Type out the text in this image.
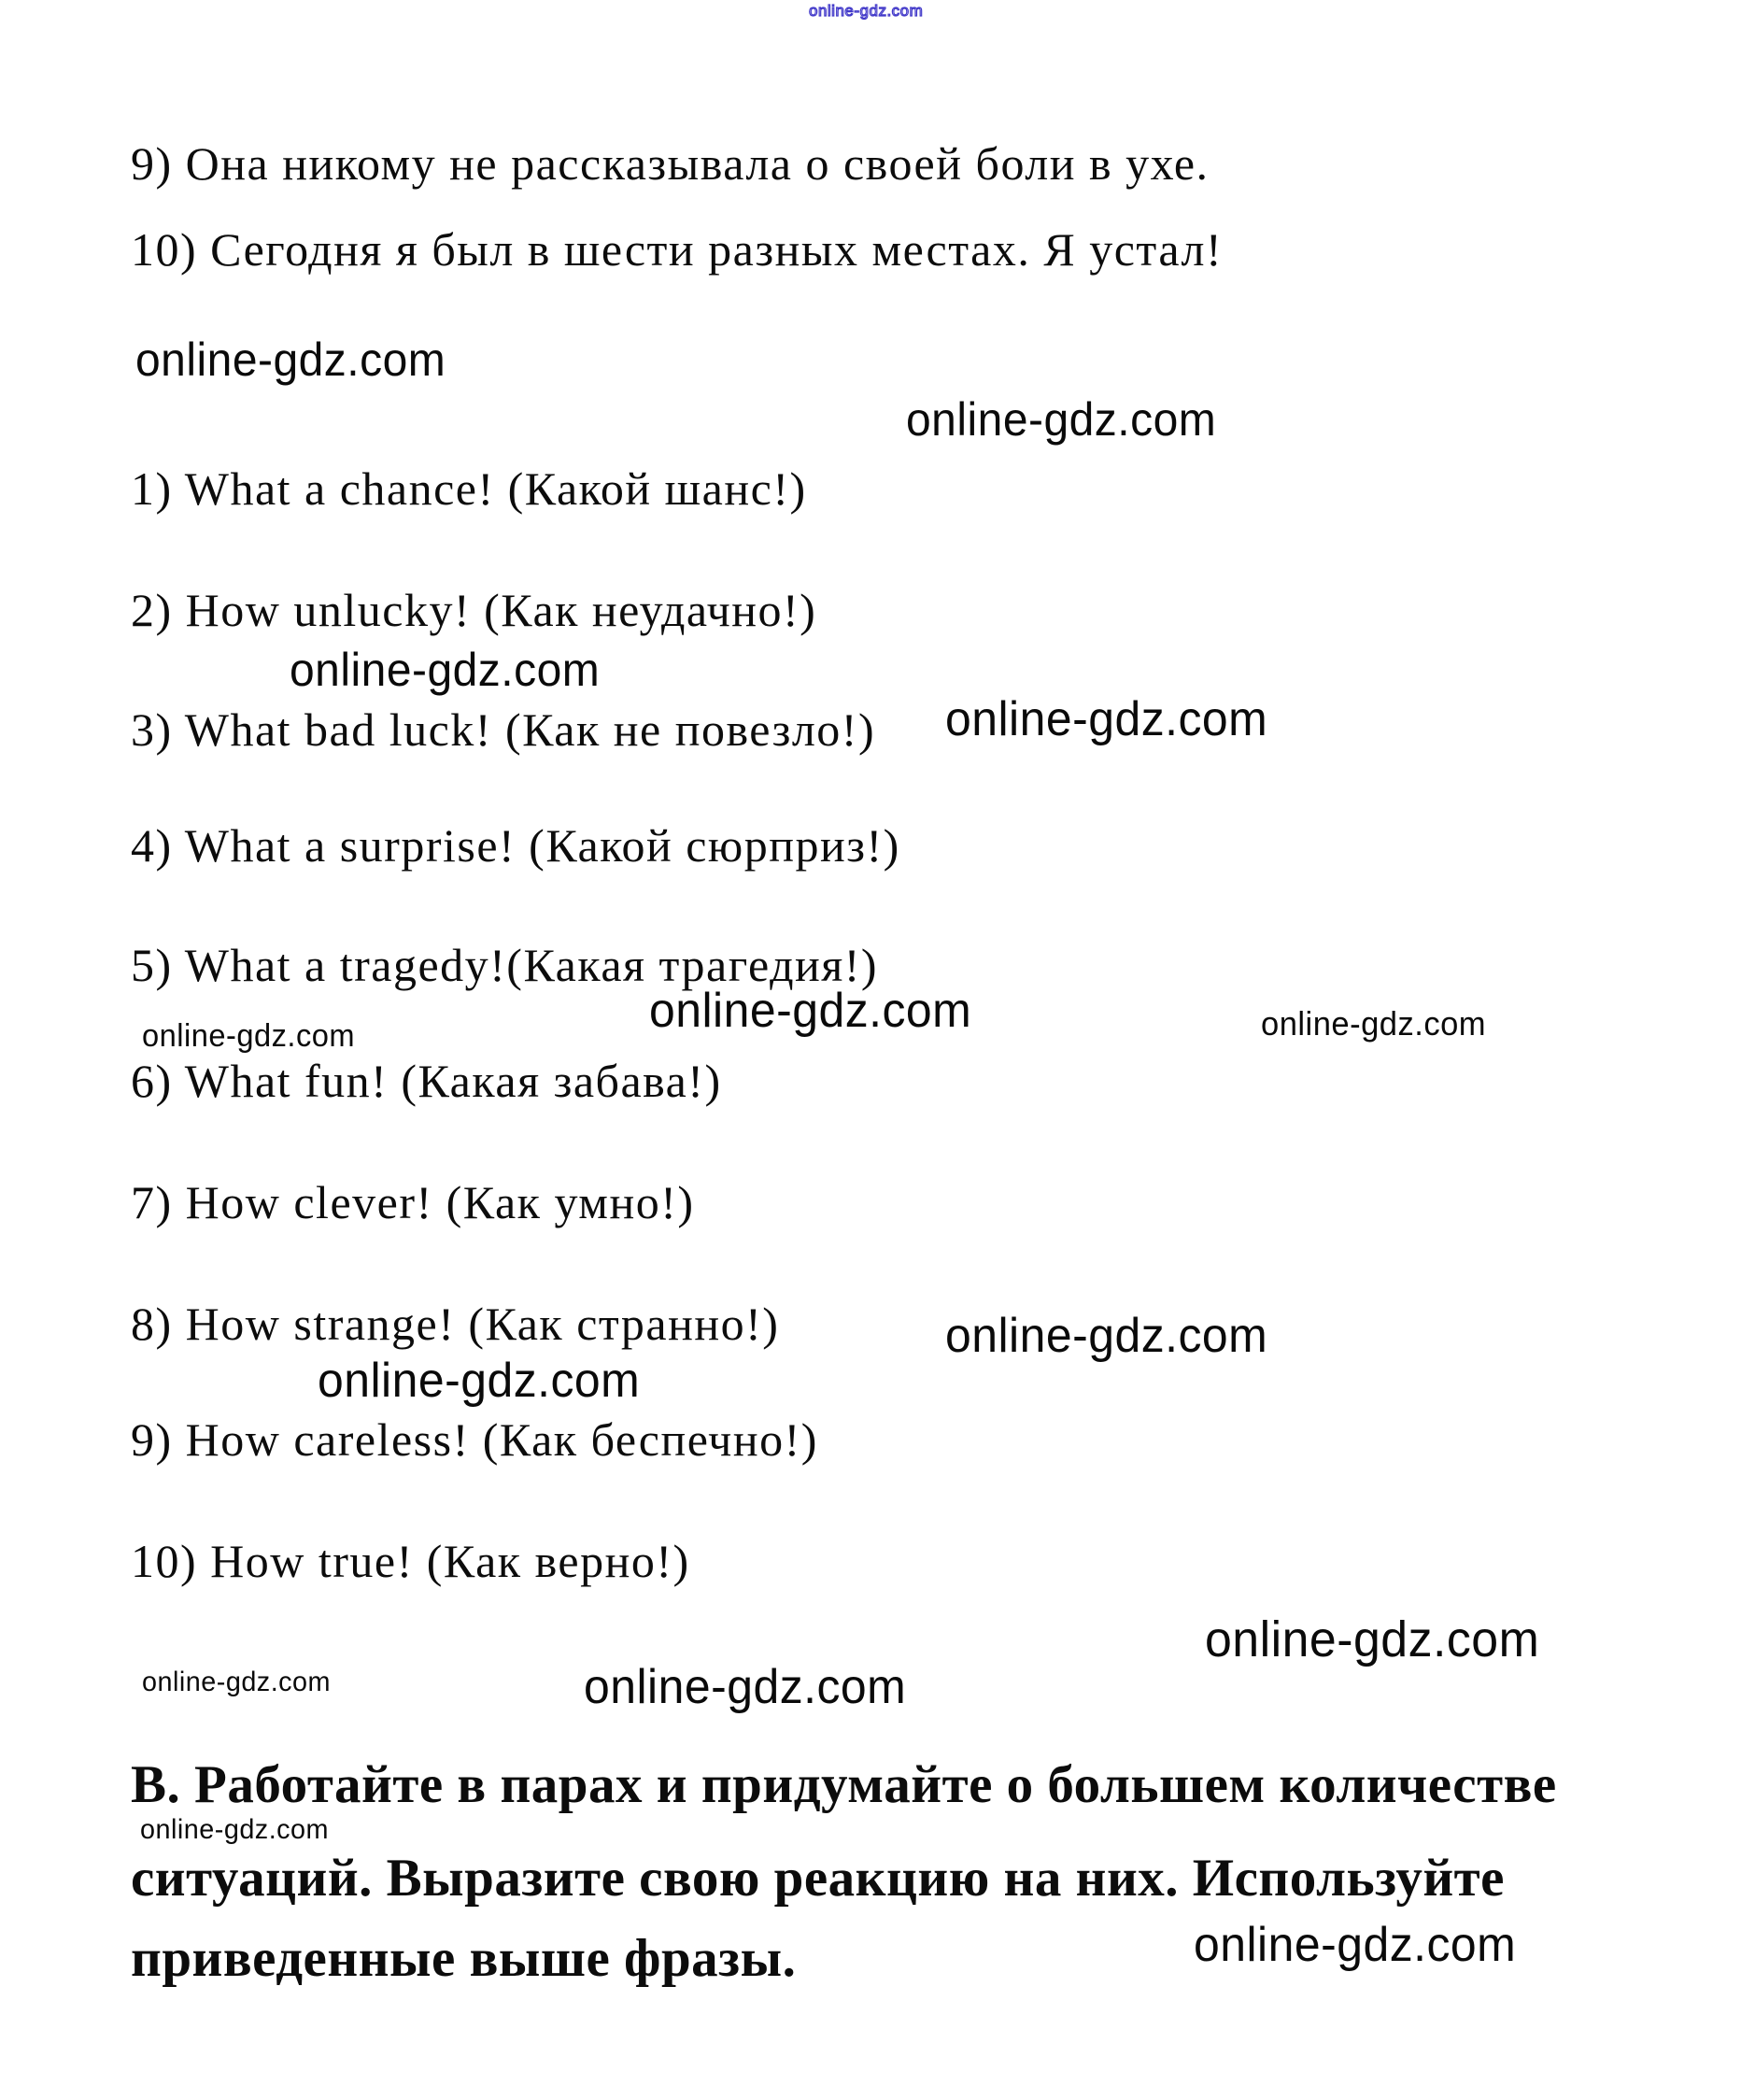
online-gdz.com
9) Она никому не рассказывала о своей боли в ухе.
10) Сегодня я был в шести разных местах. Я устал!
online-gdz.com
online-gdz.com
1) What a chance! (Какой шанс!)
2) How unlucky! (Как неудачно!)
online-gdz.com
3) What bad luck! (Как не повезло!) online-gdz.com
4) What a surprise! (Какой сюрприз!)
5) What a tragedy!(Какая трагедия!)
online-gdz.com	online-gdz.com	online-gdz.com
6) What fun! (Какая забава!)
7) How clever! (Как умно!)
8) How strange! (Как странно!)	online-gdz.com
online-gdz.com
9) How careless! (Как беспечно!)
10) How true! (Как верно!)
online-gdz.com
online-gdz.com	online-gdz.com
В. Работайте в парах и придумайте о большем количестве
online-gdz.com
ситуаций. Выразите свою реакцию на них. Используйте
приведенные выше фразы.	online-gdz.com
